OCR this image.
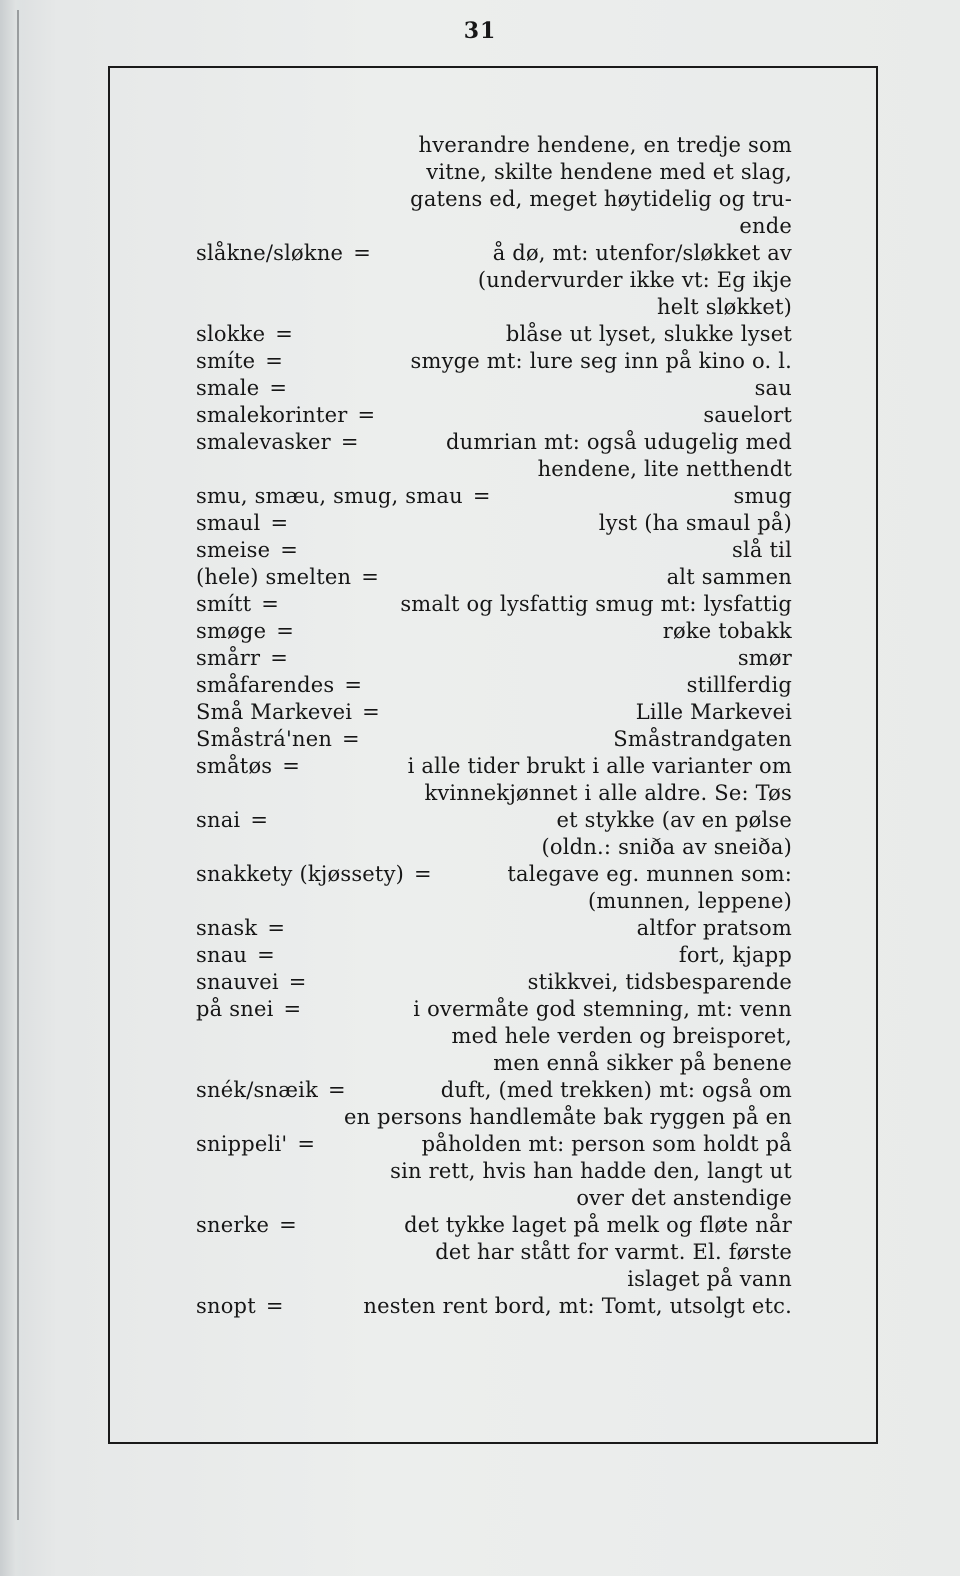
31
hverandre hendene, en tredje som
vitne, skilte hendene med et slag,
gatens ed, meget høytidelig og tru-
ende
slåkne/sløkne =	å dø, mt: utenfor/sløkket av
(undervurder ikke vt: Eg ikje
helt sløkket)
slokke =	blåse ut lyset, slukke lyset
smíte =	smyge mt: lure seg inn på kino o. l.
smale =	sau
smalekorinter =	sauelort
smalevasker =	dumrian mt: også udugelig med
hendene, lite netthendt
smu, smæu, smug, smau =	smug
smaul =	lyst (ha smaul på)
smeise =	slå til
(hele) smelten =	alt sammen
smítt =	smalt og lysfattig smug mt: lysfattig
smøge =	røke tobakk
smårr =	smør
småfarendes =	stillferdig
Små Markevei =	Lille Markevei
Småstrá'nen =	Småstrandgaten
småtøs =	i alle tider brukt i alle varianter om
kvinnekjønnet i alle aldre. Se: Tøs
snai =	et stykke (av en pølse
(oldn.: sniða av sneiða)
snakkety (kjøssety) =	talegave eg. munnen som:
(munnen, leppene)
snask =	altfor pratsom
snau =	fort, kjapp
snauvei =	stikkvei, tidsbesparende
på snei =	i overmåte god stemning, mt: venn
med hele verden og breisporet,
men ennå sikker på benene
snék/snæik =	duft, (med trekken) mt: også om
en persons handlemåte bak ryggen på en
snippeli' =	påholden mt: person som holdt på
sin rett, hvis han hadde den, langt ut
over det anstendige
snerke =	det tykke laget på melk og fløte når
det har stått for varmt. El. første
islaget på vann
snopt =	nesten rent bord, mt: Tomt, utsolgt etc.
